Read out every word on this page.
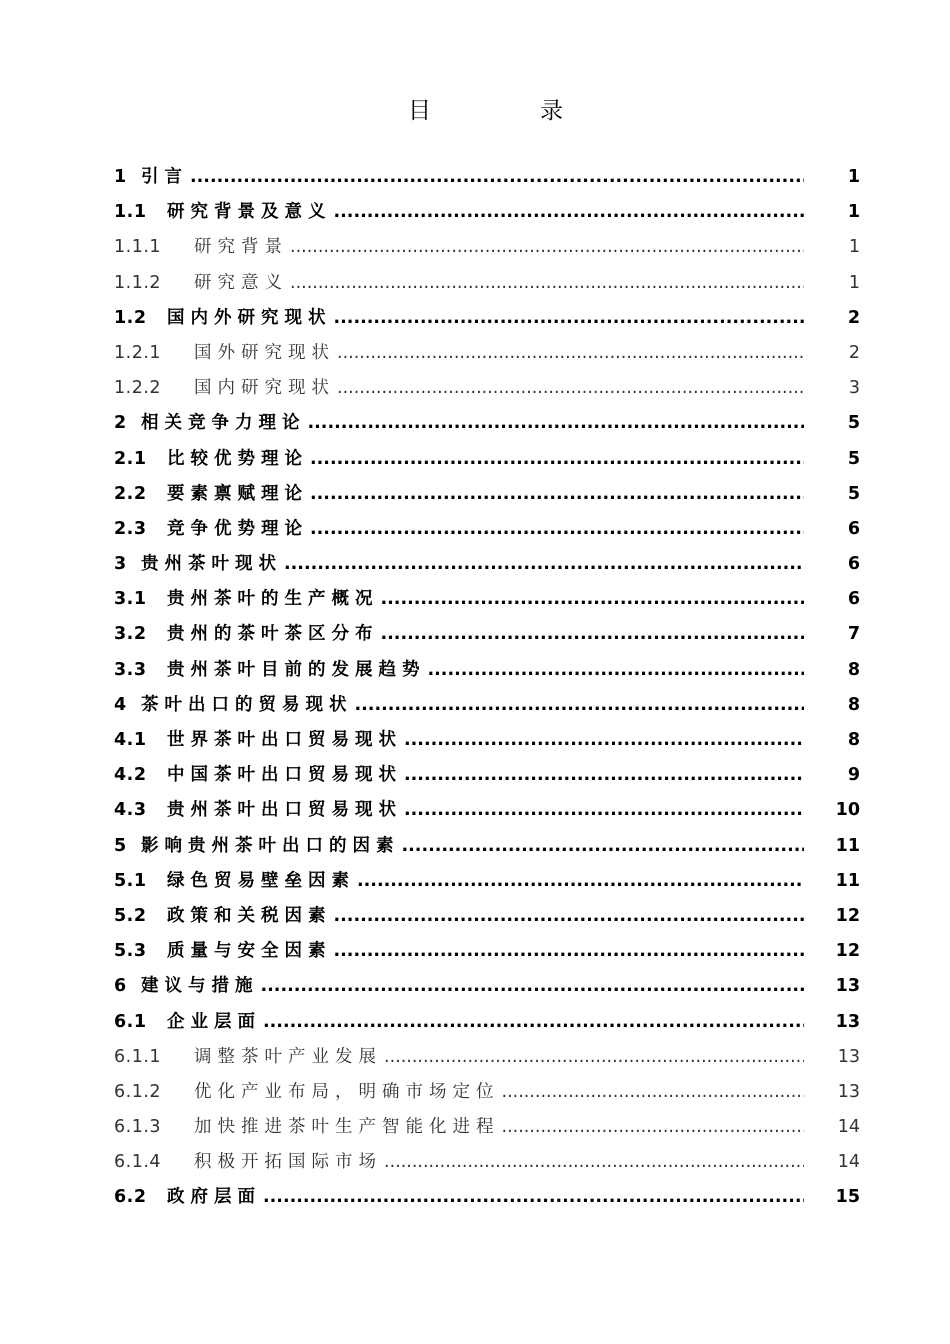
目	录
1 引言 .....	1
1.1	研究背景及意义 .....	1
1.1.1	研究背景 .....	1
1.1.2	研究意义 .....	1
1.2	国内外研究现状 .....	2
1.2.1	国外研究现状 .....	2
1.2.2	国内研究现状 .....	3
2 相关竞争力理论 .....	5
2.1	比较优势理论 .....	5
2.2	要素禀赋理论 .....	5
2.3	竞争优势理论 .....	6
3 贵州茶叶现状 .....	6
3.1	贵州茶叶的生产概况 .....	6
3.2	贵州的茶叶茶区分布 .....	7
3.3	贵州茶叶目前的发展趋势 .....	8
4 茶叶出口的贸易现状 .....	8
4.1	世界茶叶出口贸易现状 .....	8
4.2	中国茶叶出口贸易现状 .....	9
4.3	贵州茶叶出口贸易现状 .....	10
5 影响贵州茶叶出口的因素 .....	11
5.1	绿色贸易壁垒因素 .....	11
5.2	政策和关税因素 .....	12
5.3	质量与安全因素 .....	12
6 建议与措施 .....	13
6.1	企业层面 .....	13
6.1.1	调整茶叶产业发展 .....	13
6.1.2	优化产业布局，明确市场定位 .....	13
6.1.3	加快推进茶叶生产智能化进程 .....	14
6.1.4	积极开拓国际市场 .....	14
6.2	政府层面 .....	15
